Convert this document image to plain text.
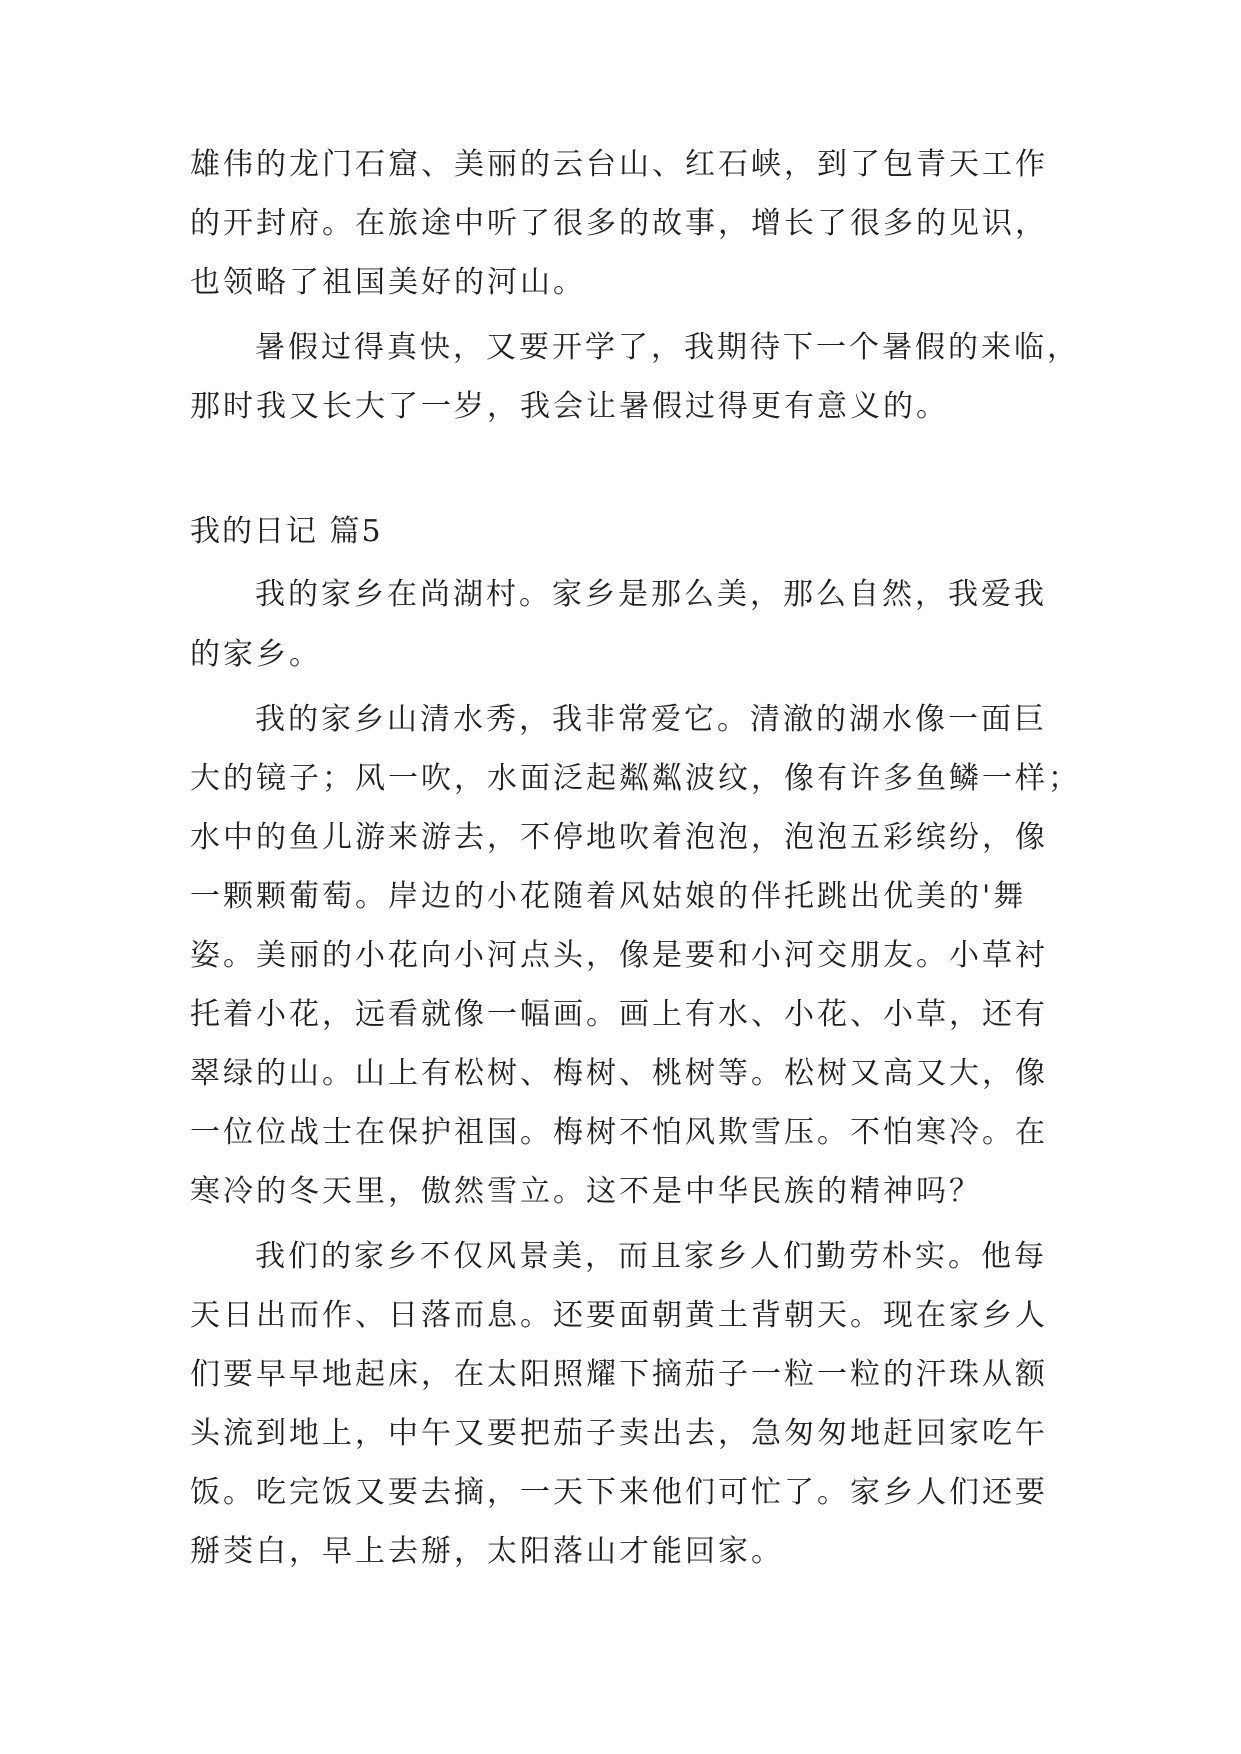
雄伟的龙门石窟、美丽的云台山、红石峡，到了包青天工作
的开封府。在旅途中听了很多的故事，增长了很多的见识，
也领略了祖国美好的河山。
暑假过得真快，又要开学了，我期待下一个暑假的来临，
那时我又长大了一岁，我会让暑假过得更有意义的。
我的日记 篇5
我的家乡在尚湖村。家乡是那么美，那么自然，我爱我
的家乡。
我的家乡山清水秀，我非常爱它。清澈的湖水像一面巨
大的镜子；风一吹，水面泛起粼粼波纹，像有许多鱼鳞一样；
水中的鱼儿游来游去，不停地吹着泡泡，泡泡五彩缤纷，像
一颗颗葡萄。岸边的小花随着风姑娘的伴托跳出优美的'舞
姿。美丽的小花向小河点头，像是要和小河交朋友。小草衬
托着小花，远看就像一幅画。画上有水、小花、小草，还有
翠绿的山。山上有松树、梅树、桃树等。松树又高又大，像
一位位战士在保护祖国。梅树不怕风欺雪压。不怕寒冷。在
寒冷的冬天里，傲然雪立。这不是中华民族的精神吗？
我们的家乡不仅风景美，而且家乡人们勤劳朴实。他每
天日出而作、日落而息。还要面朝黄土背朝天。现在家乡人
们要早早地起床，在太阳照耀下摘茄子一粒一粒的汗珠从额
头流到地上，中午又要把茄子卖出去，急匆匆地赶回家吃午
饭。吃完饭又要去摘，一天下来他们可忙了。家乡人们还要
掰茭白，早上去掰，太阳落山才能回家。
